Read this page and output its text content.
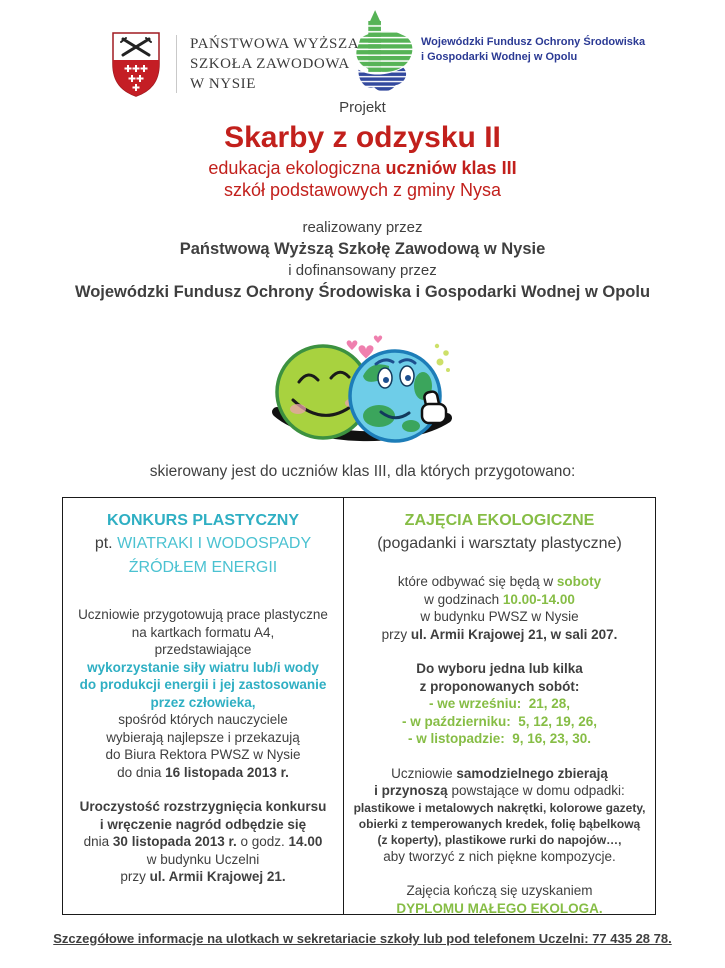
PAŃSTWOWA WYŻSZA
SZKOŁA ZAWODOWA
W NYSIE
Wojewódzki Fundusz Ochrony Środowiska
i Gospodarki Wodnej w Opolu
Projekt
Skarby z odzysku II
edukacja ekologiczna uczniów klas III
szkół podstawowych z gminy Nysa
realizowany przez
Państwową Wyższą Szkołę Zawodową w Nysie
i dofinansowany przez
Wojewódzki Fundusz Ochrony Środowiska i Gospodarki Wodnej w Opolu
skierowany jest do uczniów klas III, dla których przygotowano:
KONKURS PLASTYCZNY
pt. WIATRAKI I WODOSPADY
ŹRÓDŁEM ENERGII
Uczniowie przygotowują prace plastyczne
na kartkach formatu A4,
przedstawiające
wykorzystanie siły wiatru lub/i wody
do produkcji energii i jej zastosowanie
przez człowieka,
spośród których nauczyciele
wybierają najlepsze i przekazują
do Biura Rektora PWSZ w Nysie
do dnia 16 listopada 2013 r.
Uroczystość rozstrzygnięcia konkursu
i wręczenie nagród odbędzie się
dnia 30 listopada 2013 r. o godz. 14.00
w budynku Uczelni
przy ul. Armii Krajowej 21.
ZAJĘCIA EKOLOGICZNE
(pogadanki i warsztaty plastyczne)
które odbywać się będą w soboty
w godzinach 10.00-14.00
w budynku PWSZ w Nysie
przy ul. Armii Krajowej 21, w sali 207.
Do wyboru jedna lub kilka
z proponowanych sobót:
- we wrześniu:  21, 28,
- w październiku:  5, 12, 19, 26,
- w listopadzie:  9, 16, 23, 30.
Uczniowie samodzielnego zbierają
i przynoszą powstające w domu odpadki:
plastikowe i metalowych nakrętki, kolorowe gazety,
obierki z temperowanych kredek, folię bąbelkową
(z koperty), plastikowe rurki do napojów…,
aby tworzyć z nich piękne kompozycje.
Zajęcia kończą się uzyskaniem
DYPLOMU MAŁEGO EKOLOGA.
Szczegółowe informacje na ulotkach w sekretariacie szkoły lub pod telefonem Uczelni: 77 435 28 78.
